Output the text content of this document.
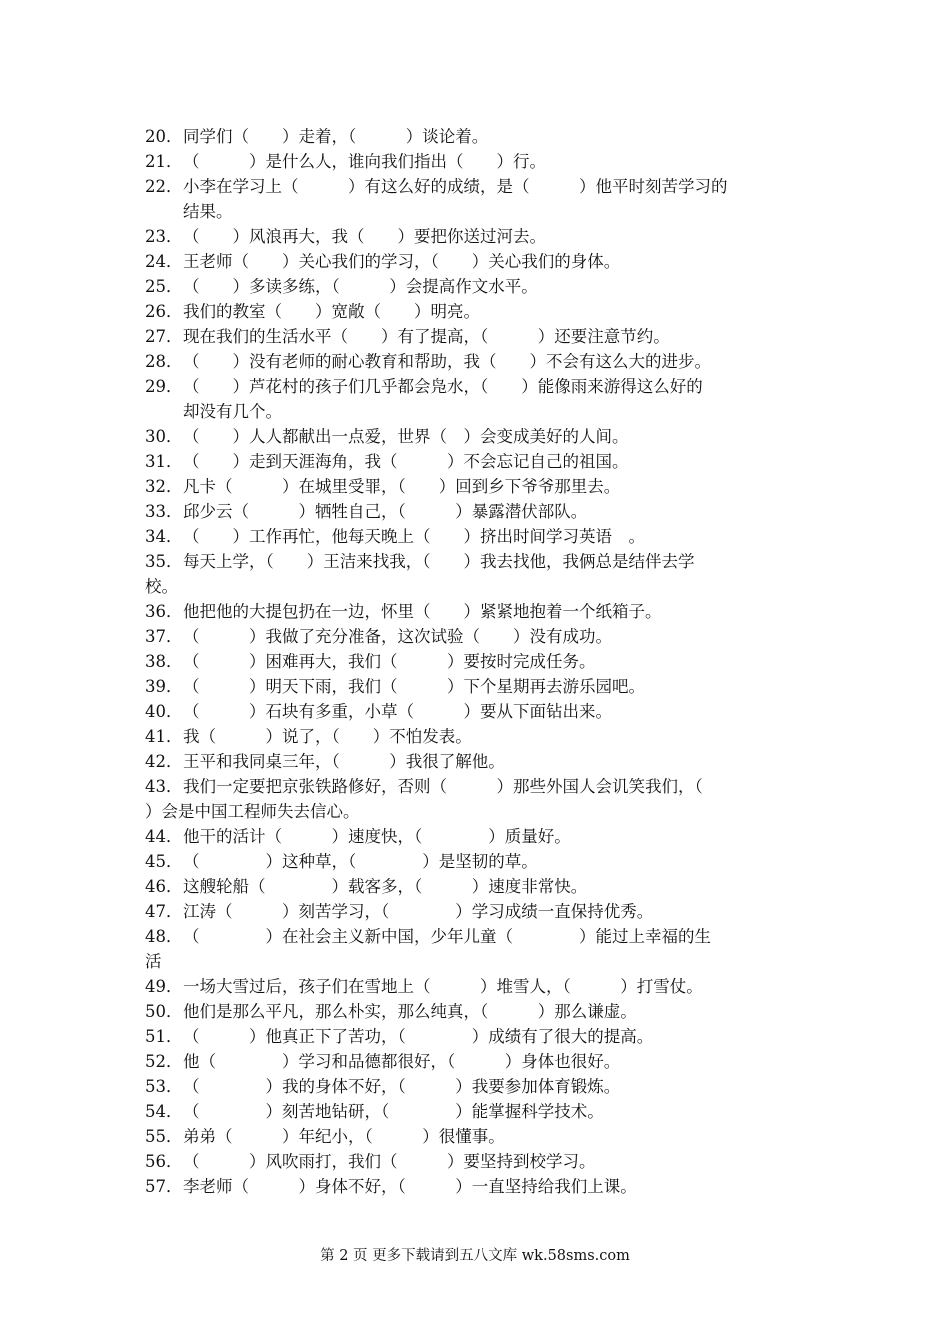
20． 同学们（　　）走着，（　　　）谈论着。
21． （　　　）是什么人，谁向我们指出（　　）行。
22． 小李在学习上（　　　）有这么好的成绩，是（　　　）他平时刻苦学习的
结果。
23． （　　）风浪再大，我（　　）要把你送过河去。
24． 王老师（　　）关心我们的学习，（　　）关心我们的身体。
25． （　　）多读多练，（　　　）会提高作文水平。
26． 我们的教室（　　）宽敞（　　）明亮。
27． 现在我们的生活水平（　　）有了提高，（　　　）还要注意节约。
28． （　　）没有老师的耐心教育和帮助，我（　　）不会有这么大的进步。
29． （　　）芦花村的孩子们几乎都会凫水，（　　）能像雨来游得这么好的
却没有几个。
30． （　　）人人都献出一点爱，世界（　）会变成美好的人间。
31． （　　）走到天涯海角，我（　　　）不会忘记自己的祖国。
32． 凡卡（　　　）在城里受罪，（　　）回到乡下爷爷那里去。
33． 邱少云（　　　）牺牲自己，（　　　）暴露潜伏部队。
34． （　　）工作再忙，他每天晚上（　　）挤出时间学习英语　。
35． 每天上学，（　　）王洁来找我，（　　）我去找他，我俩总是结伴去学
校。
36． 他把他的大提包扔在一边，怀里（　　）紧紧地抱着一个纸箱子。
37． （　　　）我做了充分准备，这次试验（　　）没有成功。
38． （　　　）困难再大，我们（　　　）要按时完成任务。
39． （　　　）明天下雨，我们（　　　）下个星期再去游乐园吧。
40． （　　　）石块有多重，小草（　　　）要从下面钻出来。
41． 我（　　　）说了，（　　）不怕发表。
42． 王平和我同桌三年，（　　　）我很了解他。
43． 我们一定要把京张铁路修好，否则（　　　）那些外国人会讥笑我们，（
）会是中国工程师失去信心。
44． 他干的活计（　　　）速度快，（　　　　）质量好。
45． （　　　　）这种草，（　　　　）是坚韧的草。
46． 这艘轮船（　　　　）载客多，（　　　）速度非常快。
47． 江涛（　　　）刻苦学习，（　　　　）学习成绩一直保持优秀。
48． （　　　　）在社会主义新中国，少年儿童（　　　　）能过上幸福的生
活
49． 一场大雪过后，孩子们在雪地上（　　　）堆雪人，（　　　）打雪仗。
50． 他们是那么平凡，那么朴实，那么纯真，（　　　）那么谦虚。
51． （　　　）他真正下了苦功，（　　　　）成绩有了很大的提高。
52． 他（　　　　）学习和品德都很好，（　　　）身体也很好。
53． （　　　　）我的身体不好，（　　　）我要参加体育锻炼。
54． （　　　　）刻苦地钻研，（　　　　）能掌握科学技术。
55． 弟弟（　　　）年纪小，（　　　）很懂事。
56． （　　　）风吹雨打，我们（　　　）要坚持到校学习。
57． 李老师（　　　）身体不好，（　　　）一直坚持给我们上课。
第 2 页 更多下载请到五八文库 wk.58sms.com
